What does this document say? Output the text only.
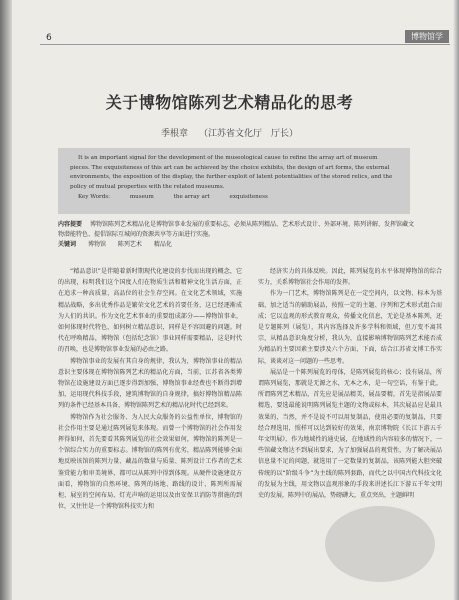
6	博物馆学
关于博物馆陈列艺术精品化的思考
季根章 （江苏省文化厅　厅长）

It is an important signal for the development of the museological cause to refine the array art of museum pieces. The exquisiteness of this art can be achieved by the choice exhibits, the design of art forms, the external environments, the exposition of the display, the further exploit of latent potentialities of the stored relics, and the policy of mutual properties with the related museums.

Key Words:	museum	the array art	exquisiteness

内容提要 博物馆陈列艺术精品化是博物馆事业发展的重要标志，必须从陈列精品、艺术形式设计、外部环境、陈列讲解、发挥馆藏文物潜能特色、提倡馆际互城间的资源共享等方面进行实施。

关键词 博物馆 陈列艺术 精品化

“精品意识”是伴随着新时期现代化建设的步伐而出现的概念，它的出现，标明我们这个国度人们在物质生活和精神文化生活方面，正在追求一种高质量、高品位的社会生存空间。在文化艺术领域，实施精品战略，多出优秀作品是繁荣文化艺术的首要任务，这已经逐渐成为人们的共识。作为文化艺术事业的重要组成部分——博物馆事业，如何体现时代特色，如何树立精品意识，同样是不容回避的问题。时代在呼唤精品，博物馆（包括纪念馆）事业同样需要精品，这是时代的召唤，也是博物馆事业发展的必由之路。

博物馆事业的发展有其自身的规律，我认为，博物馆事业的精品意识主要体现在博物馆陈列艺术的精品化方面，当前，江苏省各类博物馆在设施建设方面已逐步得到加强，博物馆事业经费也不断得到增加，运用现代科技手段，建筑博物馆的自身规律，搞好博物馆精品陈列的条件已经基本具备，博物馆陈列艺术的精品化时代已经到来。

博物馆作为社会服务、为人民大众服务的公益性单位，博物馆的社会作用主要是通过陈列展览来体现。而曾一个博物馆的社会作用发挥得如何，首先要看其陈列展览的社会效果如何，博物馆的陈列是一个馆综合实力的重要标志。博物馆的陈列有优劣，精品陈列能够全面地反映该馆的陈列力量、藏品的数量与质量、陈列设计工作者的艺术鉴赏能力和审美境界，都可以从陈列中得到体现。从硬件设施建设方面看，博物馆的自然环境、陈列的场地、路线的设计、陈列所需展柜、展室的空间布局、灯光声响的运用以及由安保卫消防等措施的到位，又往往是一个博物馆科技实力和

经济实力的具体反映。因此，陈列展览的水平体现博物馆的综合实力，关系博物馆社会作用的发挥。

作为一门艺术，博物馆陈列是在一定空间内，以文物、标本为基础，加之适当的辅助展品，按照一定的主题、序列和艺术形式组合而成；它以直观的形式教育观众，传播文化信息，无论是基本陈列，还是专题陈列（展览），其内容选择及许多学科和领域，但万变不离其宗，从精品意识角度分析，我认为，直接影响博物馆陈列艺术能否成为精品的主要因素主要涉及六个方面，下面，结合江苏省文博工作实际，谈谈对这一问题的一些思考。

展品是一个陈列展览的母体，是陈列展览的核心；没有展品，所谓陈列展览，那就是无源之水，无本之木，是一句空话，有鉴于此，所谓陈列艺术精品，首先应是展品精美，展品要精，首先是指展品要精选，要选最能说明陈列展览主题的文物或标本，其次展品应是最具效果的，当然，并不是说不可以用复制品，使用必要的复制品，只要经合理选用，照样可以达到较好的效果，南京博物院《长江下游五千年文明展》，作为地域性的通史展，在地域性的内容较多的情况下，一些馆藏文物达不到展出要求，为了加强展品的观赏性，为了解决展品信息量不足的问题，就选用了一定数量的复制品，该陈列能大胆突破传统的以“阶级斗争”为主线的陈列套路，而代之以中国古代科技文化的发展为主线，用文物以直观形象的手段来讲述长江下游五千年文明史的发展，陈列中的展品，势磅礴大，重点突出，主题鲜明
